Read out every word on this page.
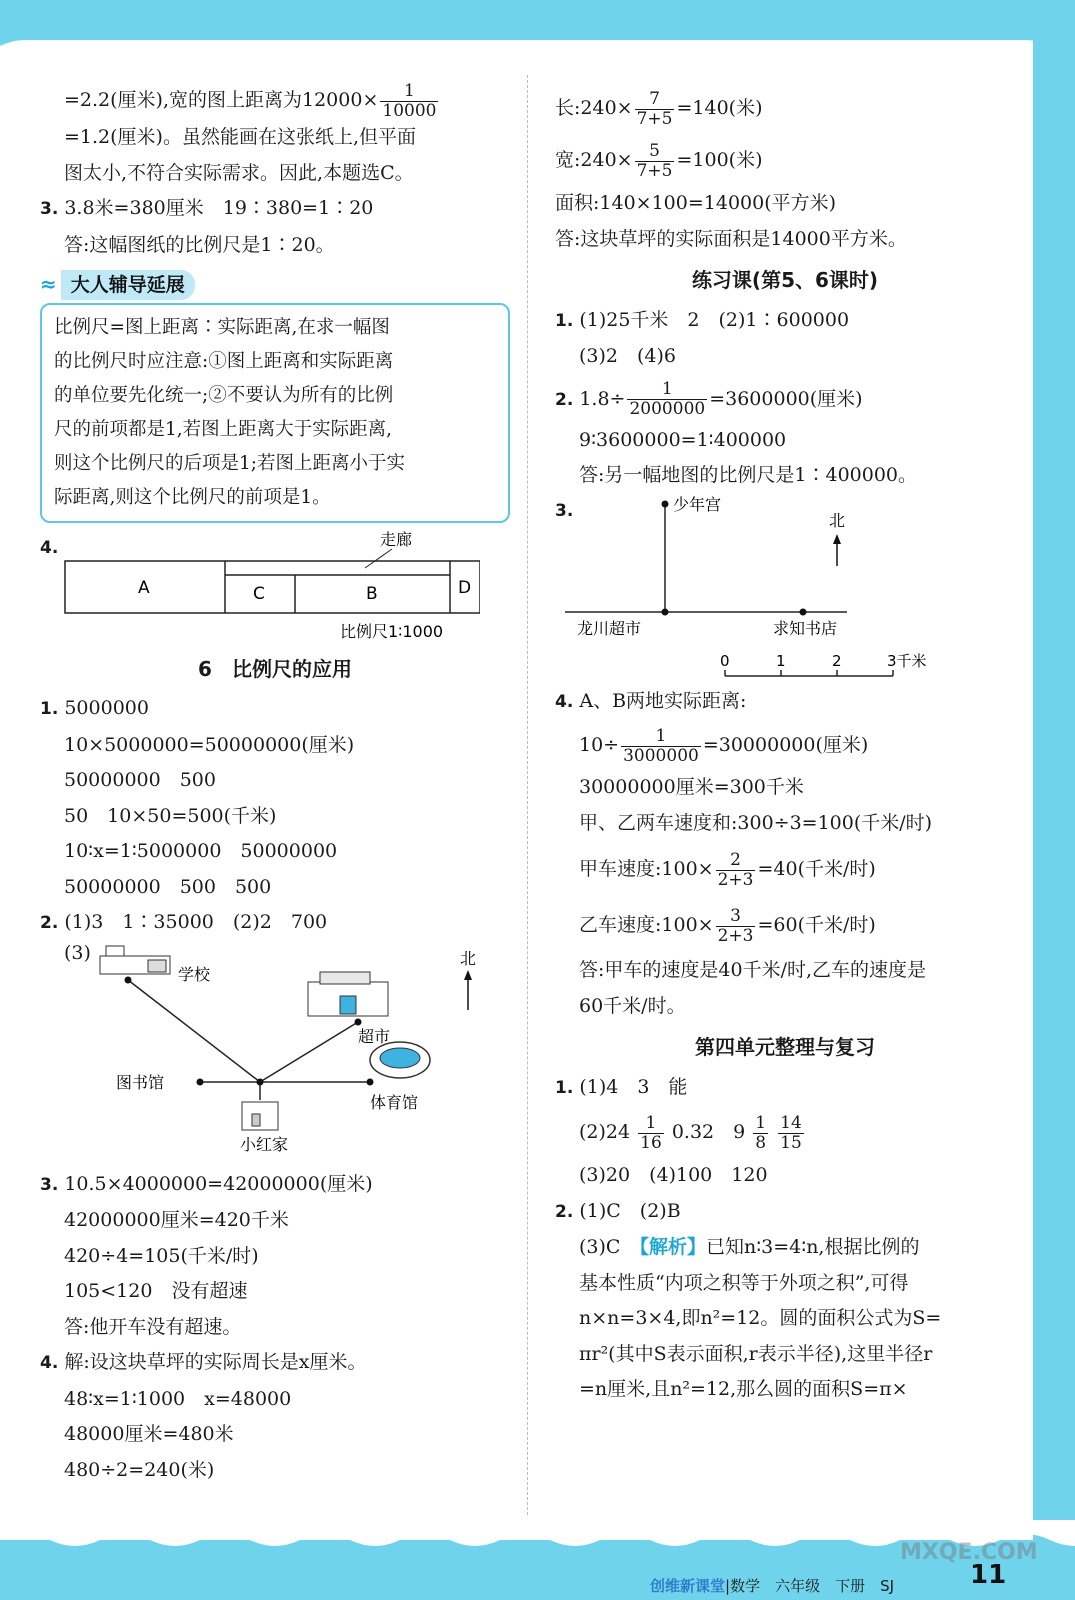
=2.2(厘米),宽的图上距离为$12000\times \frac{1}{10000}$
=1.2(厘米)。虽然能画在这张纸上,但平面
图太小,不符合实际需求。因此,本题选C。
3. 3.8米=380厘米　19∶380=1∶20
答:这幅图纸的比例尺是1∶20。
≈ 大人辅导延展
比例尺=图上距离∶实际距离,在求一幅图
的比例尺时应注意:①图上距离和实际距离
的单位要先化统一;②不要认为所有的比例
尺的前项都是1,若图上距离大于实际距离,
则这个比例尺的后项是1;若图上距离小于实
际距离,则这个比例尺的前项是1。
4.	走廊
A	C	B	D
比例尺1∶1000
6　比例尺的应用
1. 5000000
10×5000000=50000000(厘米)
50000000　500
50　10×50=500(千米)
10∶x=1∶5000000　50000000
50000000　500　500
2. (1)3　1∶35000　(2)2　700
(3)
学校
超市
图书馆
体育馆
小红家
北
3. 10.5×4000000=42000000(厘米)
42000000厘米=420千米
420÷4=105(千米/时)
105<120　没有超速
答:他开车没有超速。
4. 解:设这块草坪的实际周长是x厘米。
48∶x=1∶1000　x=48000
48000厘米=480米
480÷2=240(米)
长:240× $\frac{7}{7+5} =140$(米)
宽:240× $\frac{5}{7+5} =100$(米)
面积:140×100=14000(平方米)
答:这块草坪的实际面积是14000平方米。
练习课(第5、6课时)
1. (1)25千米　2　(2)1∶600000
(3)2　(4)6
2. $1.8\div \frac{1}{2000000} =3600000$(厘米)
9∶3600000=1∶400000
答:另一幅地图的比例尺是1∶400000。
3.	少年宫
龙川超市	求知书店
北
0	1	2	3千米
4. A、B两地实际距离:
$10\div \frac{1}{3000000} =30000000$(厘米)
30000000厘米=300千米
甲、乙两车速度和:300÷3=100(千米/时)
甲车速度:100× $\frac{2}{2+3} =40$(千米/时)
乙车速度:100× $\frac{3}{2+3} =60$(千米/时)
答:甲车的速度是40千米/时,乙车的速度是
60千米/时。
第四单元整理与复习
1. (1)4　3　能
$(2)24 \frac{1}{16} 0.32$　$9 \frac{1}{8}$
$\frac{14}{15}$
(3)20　(4)100　120
2. (1)C　(2)B
(3)C　【解析】已知n∶3=4∶n,根据比例的
基本性质“内项之积等于外项之积”,可得
n×n=3×4,即n²=12。圆的面积公式为S=
πr²(其中S表示面积,r表示半径),这里半径r
=n厘米,且n²=12,那么圆的面积S=π×
创维新课堂|数学　六年级　下册　SJ
MXQE.COM
11
